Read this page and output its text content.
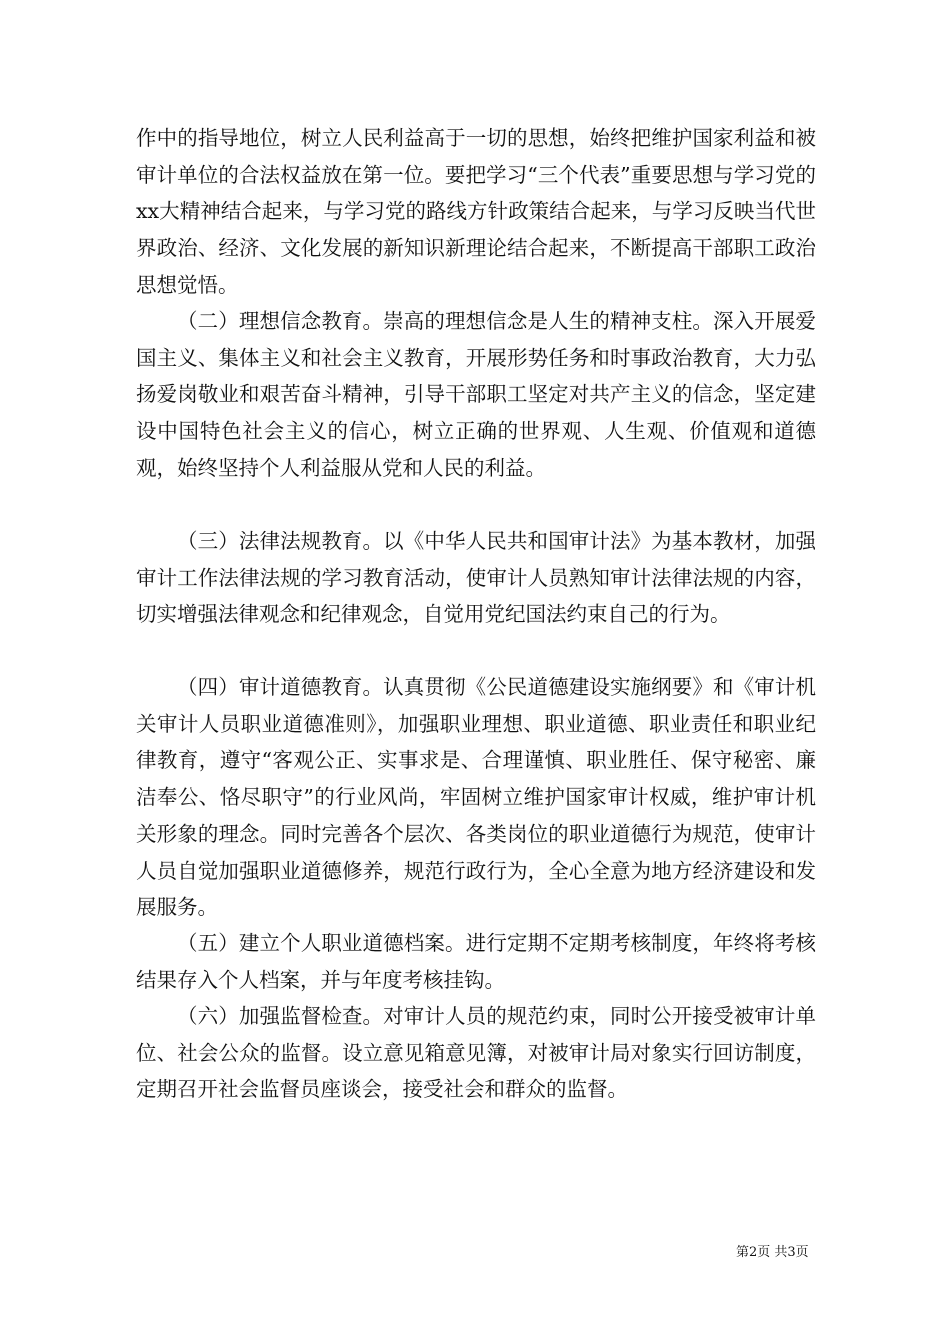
作中的指导地位，树立人民利益高于一切的思想，始终把维护国家利益和被审计单位的合法权益放在第一位。要把学习“三个代表”重要思想与学习党的xx大精神结合起来，与学习党的路线方针政策结合起来，与学习反映当代世界政治、经济、文化发展的新知识新理论结合起来，不断提高干部职工政治思想觉悟。

（二）理想信念教育。崇高的理想信念是人生的精神支柱。深入开展爱国主义、集体主义和社会主义教育，开展形势任务和时事政治教育，大力弘扬爱岗敬业和艰苦奋斗精神，引导干部职工坚定对共产主义的信念，坚定建设中国特色社会主义的信心，树立正确的世界观、人生观、价值观和道德观，始终坚持个人利益服从党和人民的利益。

（三）法律法规教育。以《中华人民共和国审计法》为基本教材，加强审计工作法律法规的学习教育活动，使审计人员熟知审计法律法规的内容，切实增强法律观念和纪律观念，自觉用党纪国法约束自己的行为。

（四）审计道德教育。认真贯彻《公民道德建设实施纲要》和《审计机关审计人员职业道德准则》，加强职业理想、职业道德、职业责任和职业纪律教育，遵守“客观公正、实事求是、合理谨慎、职业胜任、保守秘密、廉洁奉公、恪尽职守”的行业风尚，牢固树立维护国家审计权威，维护审计机关形象的理念。同时完善各个层次、各类岗位的职业道德行为规范，使审计人员自觉加强职业道德修养，规范行政行为，全心全意为地方经济建设和发展服务。

（五）建立个人职业道德档案。进行定期不定期考核制度，年终将考核结果存入个人档案，并与年度考核挂钩。

（六）加强监督检查。对审计人员的规范约束，同时公开接受被审计单位、社会公众的监督。设立意见箱意见簿，对被审计局对象实行回访制度，定期召开社会监督员座谈会，接受社会和群众的监督。

第2页 共3页
